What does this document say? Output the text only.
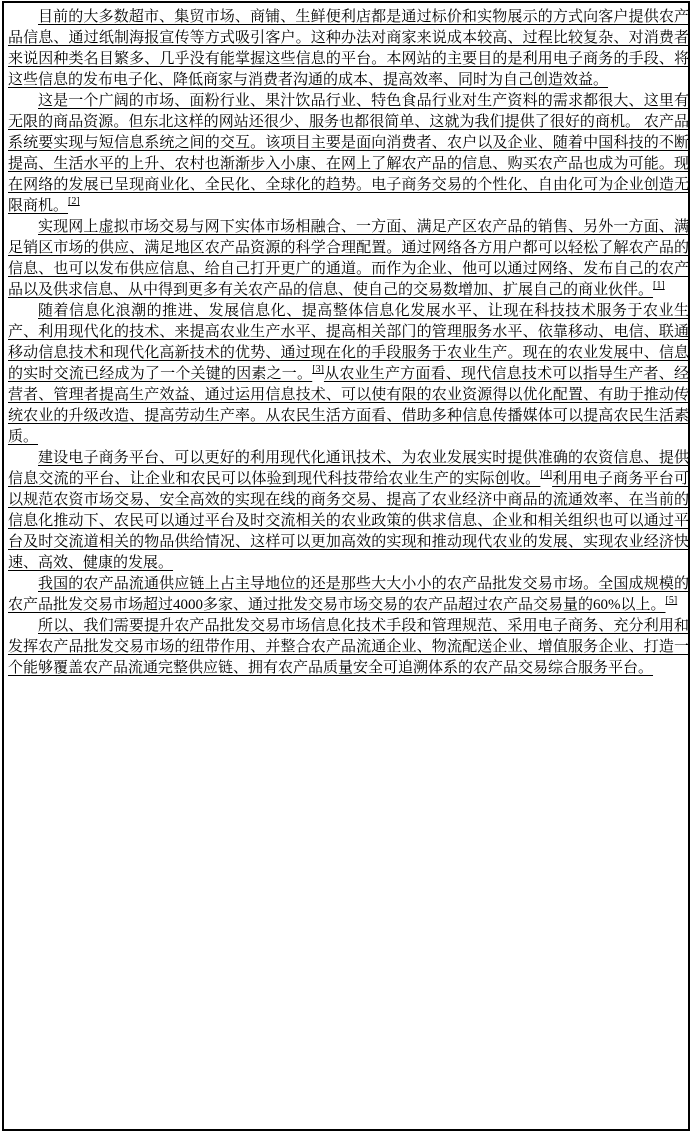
目前的大多数超市、集贸市场、商铺、生鲜便利店都是通过标价和实物展示的方式向客户提供农产品信息、通过纸制海报宣传等方式吸引客户。这种办法对商家来说成本较高、过程比较复杂、对消费者来说因种类名目繁多、几乎没有能掌握这些信息的平台。本网站的主要目的是利用电子商务的手段、将这些信息的发布电子化、降低商家与消费者沟通的成本、提高效率、同时为自己创造效益。

这是一个广阔的市场、面粉行业、果汁饮品行业、特色食品行业对生产资料的需求都很大、这里有无限的商品资源。但东北这样的网站还很少、服务也都很简单、这就为我们提供了很好的商机。 农产品系统要实现与短信息系统之间的交互。该项目主要是面向消费者、农户以及企业、随着中国科技的不断提高、生活水平的上升、农村也渐渐步入小康、在网上了解农产品的信息、购买农产品也成为可能。现在网络的发展已呈现商业化、全民化、全球化的趋势。电子商务交易的个性化、自由化可为企业创造无限商机。[2]

实现网上虚拟市场交易与网下实体市场相融合、一方面、满足产区农产品的销售、另外一方面、满足销区市场的供应、满足地区农产品资源的科学合理配置。通过网络各方用户都可以轻松了解农产品的信息、也可以发布供应信息、给自己打开更广的通道。而作为企业、他可以通过网络、发布自己的农产品以及供求信息、从中得到更多有关农产品的信息、使自己的交易数增加、扩展自己的商业伙伴。[1]

随着信息化浪潮的推进、发展信息化、提高整体信息化发展水平、让现在科技技术服务于农业生产、利用现代化的技术、来提高农业生产水平、提高相关部门的管理服务水平、依靠移动、电信、联通移动信息技术和现代化高新技术的优势、通过现在化的手段服务于农业生产。现在的农业发展中、信息的实时交流已经成为了一个关键的因素之一。[3]从农业生产方面看、现代信息技术可以指导生产者、经营者、管理者提高生产效益、通过运用信息技术、可以使有限的农业资源得以优化配置、有助于推动传统农业的升级改造、提高劳动生产率。从农民生活方面看、借助多种信息传播媒体可以提高农民生活素质。

建设电子商务平台、可以更好的利用现代化通讯技术、为农业发展实时提供准确的农资信息、提供信息交流的平台、让企业和农民可以体验到现代科技带给农业生产的实际创收。[4]利用电子商务平台可以规范农资市场交易、安全高效的实现在线的商务交易、提高了农业经济中商品的流通效率、在当前的信息化推动下、农民可以通过平台及时交流相关的农业政策的供求信息、企业和相关组织也可以通过平台及时交流道相关的物品供给情况、这样可以更加高效的实现和推动现代农业的发展、实现农业经济快速、高效、健康的发展。

我国的农产品流通供应链上占主导地位的还是那些大大小小的农产品批发交易市场。全国成规模的农产品批发交易市场超过4000多家、通过批发交易市场交易的农产品超过农产品交易量的60%以上。[5]

所以、我们需要提升农产品批发交易市场信息化技术手段和管理规范、采用电子商务、充分利用和发挥农产品批发交易市场的纽带作用、并整合农产品流通企业、物流配送企业、增值服务企业、打造一个能够覆盖农产品流通完整供应链、拥有农产品质量安全可追溯体系的农产品交易综合服务平台。
